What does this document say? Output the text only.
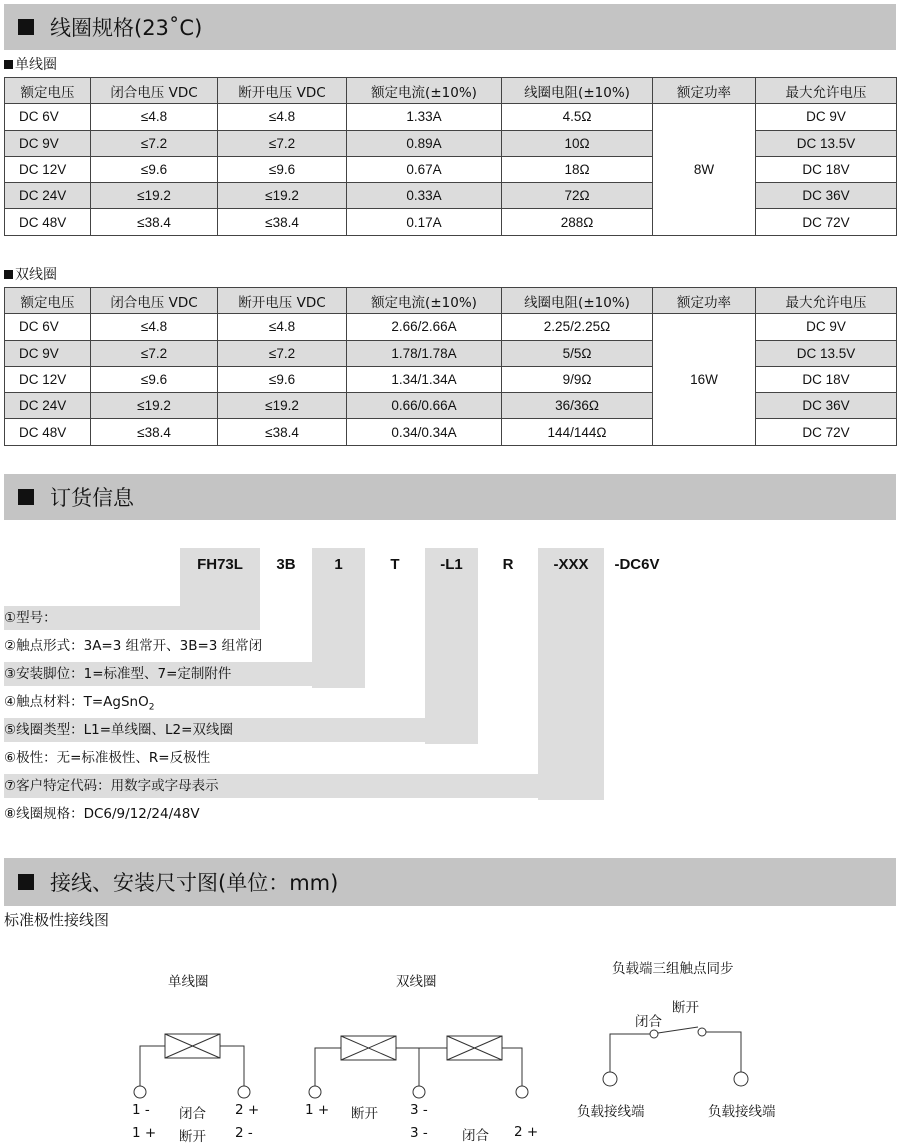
线圈规格(23˚C)
单线圈
额定电压	闭合电压 VDC	断开电压 VDC	额定电流(±10%)	线圈电阻(±10%)	额定功率	最大允许电压
DC 6V	≤4.8	≤4.8	1.33A	4.5Ω	8W	DC 9V
DC 9V	≤7.2	≤7.2	0.89A	10Ω		DC 13.5V
DC 12V	≤9.6	≤9.6	0.67A	18Ω		DC 18V
DC 24V	≤19.2	≤19.2	0.33A	72Ω		DC 36V
DC 48V	≤38.4	≤38.4	0.17A	288Ω		DC 72V
双线圈
额定电压	闭合电压 VDC	断开电压 VDC	额定电流(±10%)	线圈电阻(±10%)	额定功率	最大允许电压
DC 6V	≤4.8	≤4.8	2.66/2.66A	2.25/2.25Ω	16W	DC 9V
DC 9V	≤7.2	≤7.2	1.78/1.78A	5/5Ω		DC 13.5V
DC 12V	≤9.6	≤9.6	1.34/1.34A	9/9Ω		DC 18V
DC 24V	≤19.2	≤19.2	0.66/0.66A	36/36Ω		DC 36V
DC 48V	≤38.4	≤38.4	0.34/0.34A	144/144Ω		DC 72V
订货信息
FH73L	3B	1	T	-L1	R	-XXX	-DC6V
①型号：
②触点形式：3A=3 组常开、3B=3 组常闭
③安装脚位：1=标准型、7=定制附件
④触点材料：T=AgSnO$_2$
⑤线圈类型：L1=单线圈、L2=双线圈
⑥极性：无=标准极性、R=反极性
⑦客户特定代码：用数字或字母表示
⑧线圈规格：DC6/9/12/24/48V
接线、安装尺寸图(单位：mm)
标准极性接线图
单线圈	双线圈
负载端三组触点同步
1 - 闭合 2 +
1 + 断开 2 -
1 + 断开 3 -
3 -	闭合 2 +
闭合
断开
负载接线端	负载接线端
